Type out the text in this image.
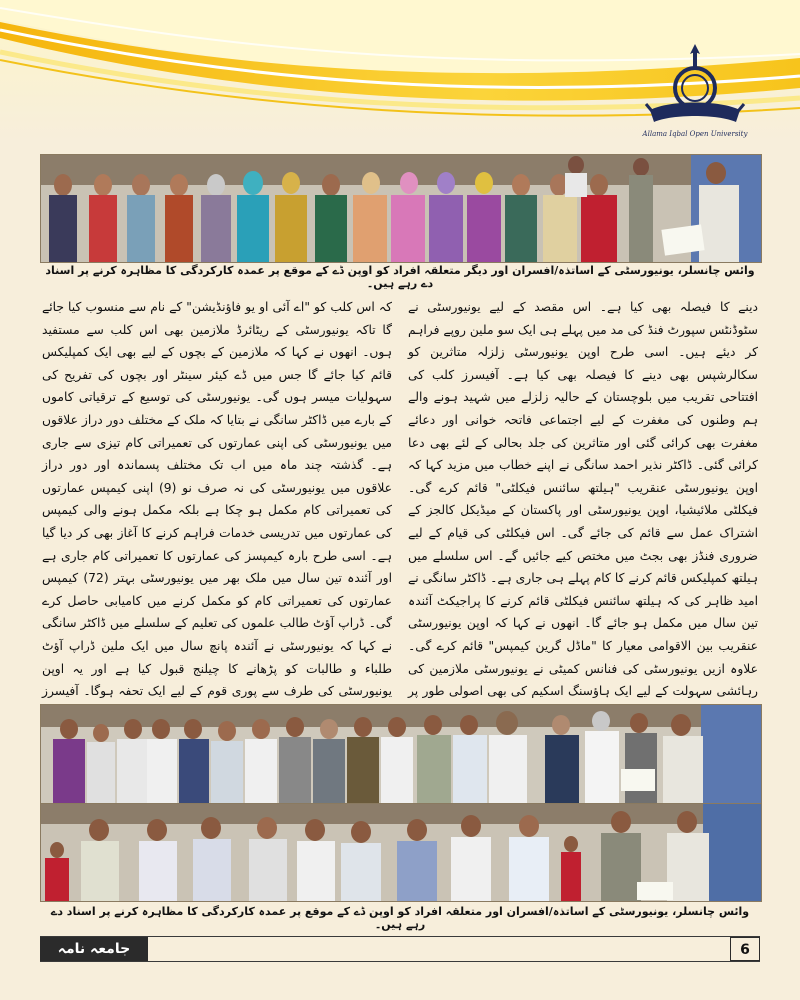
Allama Iqbal Open University
وائس چانسلر، یونیورسٹی کے اساتذہ/افسران اور دیگر متعلقہ افراد کو اوپن ڈے کے موقع پر عمدہ کارکردگی کا مظاہرہ کرنے پر اسناد دے رہے ہیں۔
دینے کا فیصلہ بھی کیا ہے۔ اس مقصد کے لیے یونیورسٹی نے سٹوڈنٹس سپورٹ فنڈ کی مد میں پہلے ہی ایک سو ملین روپے فراہم کر دیئے ہیں۔ اسی طرح اوپن یونیورسٹی زلزلہ متاثرین کو سکالرشپس بھی دینے کا فیصلہ بھی کیا ہے۔ آفیسرز کلب کی افتتاحی تقریب میں بلوچستان کے حالیہ زلزلے میں شہید ہونے والے ہم وطنوں کی مغفرت کے لیے اجتماعی فاتحہ خوانی اور دعائے مغفرت بھی کرائی گئی اور متاثرین کی جلد بحالی کے لئے بھی دعا کرائی گئی۔ ڈاکٹر نذیر احمد سانگی نے اپنے خطاب میں مزید کہا کہ اوپن یونیورسٹی عنقریب "ہیلتھ سائنس فیکلٹی" قائم کرے گی۔ فیکلٹی ملائیشیا، اوپن یونیورسٹی اور پاکستان کے میڈیکل کالجز کے اشتراک عمل سے قائم کی جائے گی۔ اس فیکلٹی کی قیام کے لیے ضروری فنڈز بھی بجٹ میں مختص کیے جائیں گے۔ اس سلسلے میں ہیلتھ کمپلیکس قائم کرنے کا کام پہلے ہی جاری ہے۔ ڈاکٹر سانگی نے امید ظاہر کی کہ ہیلتھ سائنس فیکلٹی قائم کرنے کا پراجیکٹ آئندہ تین سال میں مکمل ہو جائے گا۔ انھوں نے کہا کہ اوپن یونیورسٹی عنقریب بین الاقوامی معیار کا "ماڈل گرین کیمپس" قائم کرے گی۔ علاوہ ازیں یونیورسٹی کی فنانس کمیٹی نے یونیورسٹی ملازمین کی رہائشی سہولت کے لیے ایک ہاؤسنگ اسکیم کی بھی اصولی طور پر
کہ اس کلب کو "اے آئی او یو فاؤنڈیشن" کے نام سے منسوب کیا جائے گا تاکہ یونیورسٹی کے ریٹائرڈ ملازمین بھی اس کلب سے مستفید ہوں۔ انھوں نے کہا کہ ملازمین کے بچوں کے لیے بھی ایک کمپلیکس قائم کیا جائے گا جس میں ڈے کیئر سینٹر اور بچوں کی تفریح کی سہولیات میسر ہوں گی۔ یونیورسٹی کی توسیع کے ترقیاتی کاموں کے بارے میں ڈاکٹر سانگی نے بتایا کہ ملک کے مختلف دور دراز علاقوں میں یونیورسٹی کی اپنی عمارتوں کی تعمیراتی کام تیزی سے جاری ہے۔ گذشتہ چند ماہ میں اب تک مختلف پسماندہ اور دور دراز علاقوں میں یونیورسٹی کی نہ صرف نو (9) اپنی کیمپس عمارتوں کی تعمیراتی کام مکمل ہو چکا ہے بلکہ مکمل ہونے والی کیمپس کی عمارتوں میں تدریسی خدمات فراہم کرنے کا آغاز بھی کر دیا گیا ہے۔ اسی طرح بارہ کیمپسز کی عمارتوں کا تعمیراتی کام جاری ہے اور آئندہ تین سال میں ملک بھر میں یونیورسٹی بہتر (72) کیمپس عمارتوں کی تعمیراتی کام کو مکمل کرنے میں کامیابی حاصل کرے گی۔ ڈراپ آؤٹ طالب علموں کی تعلیم کے سلسلے میں ڈاکٹر سانگی نے کہا کہ یونیورسٹی نے آئندہ پانچ سال میں ایک ملین ڈراپ آؤٹ طلباء و طالبات کو پڑھانے کا چیلنج قبول کیا ہے اور یہ اوپن یونیورسٹی کی طرف سے پوری قوم کے لیے ایک تحفہ ہوگا۔ آفیسرز
وائس چانسلر، یونیورسٹی کے اساتذہ/افسران اور متعلقہ افراد کو اوپن ڈے کے موقع پر عمدہ کارکردگی کا مظاہرہ کرنے پر اسناد دے رہے ہیں۔
جامعہ نامہ	6
